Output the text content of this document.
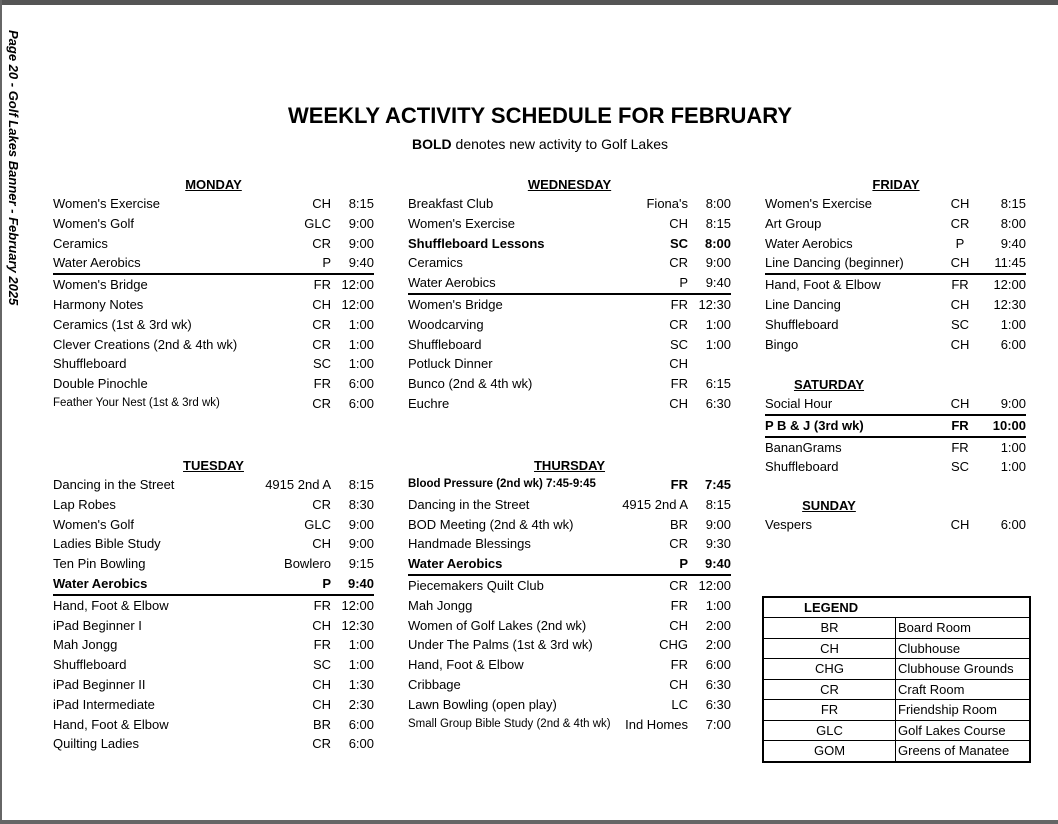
Page 20 - Golf Lakes Banner - February 2025	WEEKLY ACTIVITY SCHEDULE FOR FEBRUARY
BOLD denotes new activity to Golf Lakes
MONDAY
Women's Exercise	CH 8:15
Women's Golf	GLC 9:00
Ceramics	CR 9:00
Water Aerobics	P 9:40
Women's Bridge	FR 12:00
Harmony Notes	CH 12:00
Ceramics (1st & 3rd wk)	CR 1:00
Clever Creations (2nd & 4th wk)	CR 1:00
Shuffleboard	SC 1:00
Double Pinochle	FR 6:00
Feather Your Nest (1st & 3rd wk)	CR 6:00
TUESDAY
Dancing in the Street	4915 2nd A 8:15
Lap Robes	CR 8:30
Women's Golf	GLC 9:00
Ladies Bible Study	CH 9:00
Ten Pin Bowling	Bowlero 9:15
Water Aerobics	P 9:40
Hand, Foot & Elbow	FR 12:00
iPad Beginner I	CH 12:30
Mah Jongg	FR 1:00
Shuffleboard	SC 1:00
iPad Beginner II	CH 1:30
iPad Intermediate	CH 2:30
Hand, Foot & Elbow	BR 6:00
Quilting Ladies	CR 6:00
WEDNESDAY
Breakfast Club	Fiona's 8:00
Women's Exercise	CH 8:15
Shuffleboard Lessons	SC 8:00
Ceramics	CR 9:00
Water Aerobics	P 9:40
Women's Bridge	FR 12:30
Woodcarving	CR 1:00
Shuffleboard	SC 1:00
Potluck Dinner	CH
Bunco (2nd & 4th wk)	FR 6:15
Euchre	CH 6:30
THURSDAY
Blood Pressure (2nd wk) 7:45-9:45	FR 7:45
Dancing in the Street	4915 2nd A 8:15
BOD Meeting (2nd & 4th wk)	BR 9:00
Handmade Blessings	CR 9:30
Water Aerobics	P 9:40
Piecemakers Quilt Club	CR 12:00
Mah Jongg	FR 1:00
Women of Golf Lakes (2nd wk)	CH 2:00
Under The Palms (1st & 3rd wk)	CHG 2:00
Hand, Foot & Elbow	FR 6:00
Cribbage	CH 6:30
Lawn Bowling (open play)	LC 6:30
Small Group Bible Study (2nd & 4th wk) Ind Homes 7:00
FRIDAY
Women's Exercise	CH	8:15
Art Group	CR	8:00
Water Aerobics	P	9:40
Line Dancing (beginner)	CH	11:45
Hand, Foot & Elbow	FR	12:00
Line Dancing	CH	12:30
Shuffleboard	SC	1:00
Bingo	CH	6:00
SATURDAY
Social Hour	CH	9:00
P B & J (3rd wk)	FR	10:00
BananGrams	FR	1:00
Shuffleboard	SC	1:00
SUNDAY
Vespers	CH	6:00
LEGEND
BR	Board Room
CH	Clubhouse
CHG	Clubhouse Grounds
CR	Craft Room
FR	Friendship Room
GLC	Golf Lakes Course
GOM	Greens of Manatee
